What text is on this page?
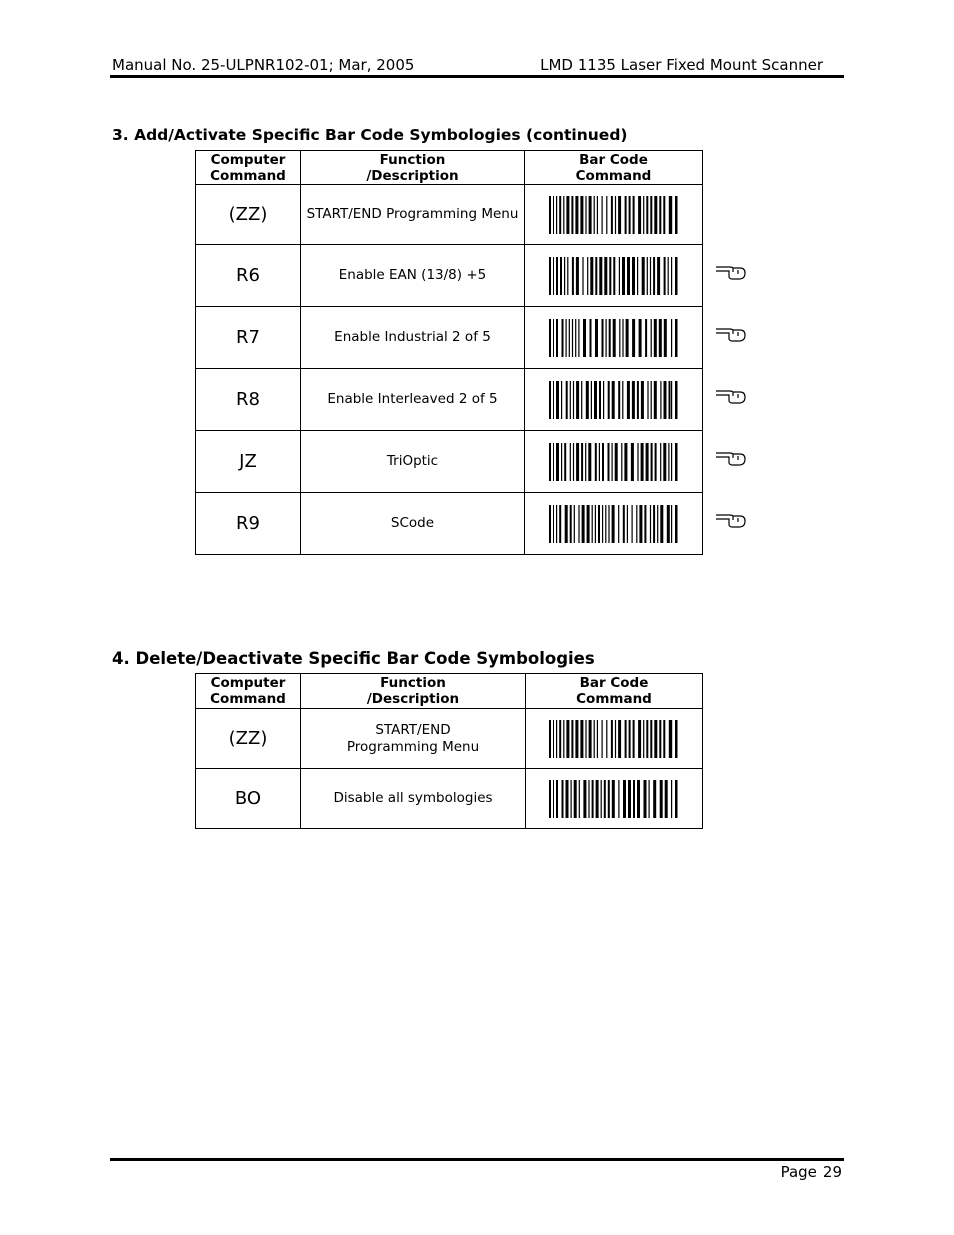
Manual No. 25-ULPNR102-01; Mar, 2005	LMD 1135 Laser Fixed Mount Scanner
3. Add/Activate Specific Bar Code Symbologies (continued)
Computer Command	Function /Description	Bar Code Command
(ZZ)	START/END Programming Menu	

R6	Enable EAN (13/8) +5	

R7	Enable Industrial 2 of 5	

R8	Enable Interleaved 2 of 5	

JZ	TriOptic	

R9	SCode	
4. Delete/Deactivate Specific Bar Code Symbologies
Computer Command	Function /Description	Bar Code Command
(ZZ)	START/END
Programming Menu

BO	Disable all symbologies	
Page 29
